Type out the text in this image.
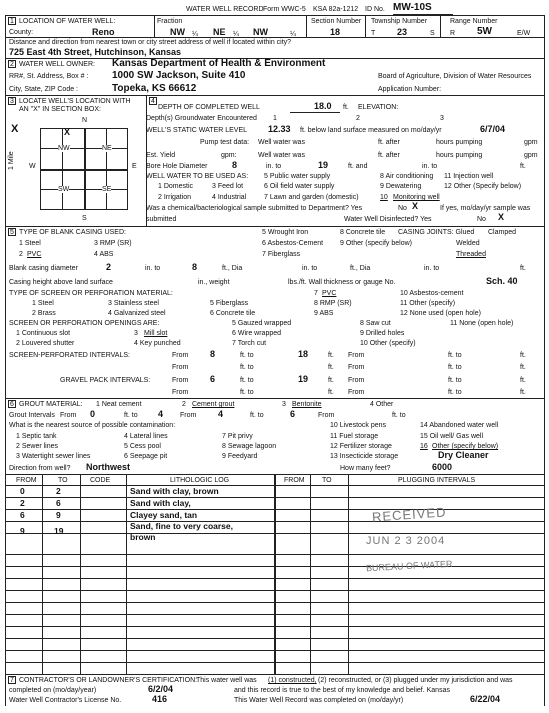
WATER WELL RECORD Form WWC-5 KSA 82a-1212 ID No. MW-10S
1 LOCATION OF WATER WELL:
County:	Reno
Fraction
NW ¼ NE ¼ NW	¼
Section Number
18
Township Number
T 23	S
Range Number
R 5W	E/W
Distance and direction from nearest town or city street address of well if located within city?
725 East 4th Street, Hutchinson, Kansas
2 WATER WELL OWNER: Kansas Department of Health & Environment
RR#, St. Address, Box # : 1000 SW Jackson, Suite 410	Board of Agriculture, Division of Water Resources
City, State, ZIP Code :	Topeka, KS 66612	Application Number:
3 LOCATE WELL'S LOCATION WITH
AN "X" IN SECTION BOX:
X
N
S
W	E
1 Mile
X
NW	NE
SW	SE
4
DEPTH OF COMPLETED WELL	18.0 ft. ELEVATION:
Depth(s) Groundwater Encountered 1	2	3
WELL'S STATIC WATER LEVEL 12.33 ft. below land surface measured on mo/day/yr	6/7/04
Pump test data: Well water was	ft. after	hours pumping	gpm
Est. Yield	gpm:	Well water was	ft. after	hours pumping	gpm
Bore Hole Diameter	8	in. to	19	ft. and	in. to	ft.
WELL WATER TO BE USED AS: 5 Public water supply	8 Air conditioning 11 Injection well
1 Domestic	3 Feed lot	6 Oil field water supply	9 Dewatering	12 Other (Specify below)
2 Irrigation	4 Industrial	7 Lawn and garden (domestic)	10 Monitoring well
Was a chemical/bacteriological sample submitted to Department? Yes	No X	If yes, mo/day/yr sample was
submitted	Water Well Disinfected? Yes	No X
5 TYPE OF BLANK CASING USED:	5 Wrought Iron	8 Concrete tile CASING JOINTS: Glued Clamped
1 Steel	3 RMP (SR)	6 Asbestos-Cement 9 Other (specify below)	Welded
2 PVC	4 ABS	7 Fiberglass	Threaded
Blank casing diameter	2	in. to	8	ft., Dia	in. to	ft., Dia	in. to	ft.
Casing height above land surface	in., weight	lbs./ft. Wall thickness or gauge No.	Sch. 40
TYPE OF SCREEN OR PERFORATION MATERIAL:	7 PVC	10 Asbestos-cement
1 Steel	3 Stainless steel	5 Fiberglass	8 RMP (SR)	11 Other (specify)
2 Brass	4 Galvanized steel	6 Concrete tile	9 ABS	12 None used (open hole)
SCREEN OR PERFORATION OPENINGS ARE:	5 Gauzed wrapped	8 Saw cut	11 None (open hole)
1 Continuous slot	3 Mill slot	6 Wire wrapped	9 Drilled holes
2 Louvered shutter	4 Key punched	7 Torch cut	10 Other (specify)
SCREEN-PERFORATED INTERVALS:	From 8	ft. to	18	ft. From	ft. to	ft.
From	ft. to	ft. From	ft. to	ft.
GRAVEL PACK INTERVALS:	From 6	ft. to	19	ft. From	ft. to	ft.
From	ft. to	ft. From	ft. to	ft.
6 GROUT MATERIAL: 1 Neat cement	2 Cement grout	3 Bentonite	4 Other
Grout Intervals From 0	ft. to 4 From 4	ft. to	6	From	ft. to
What is the nearest source of possible contamination:	10 Livestock pens	14 Abandoned water well
1 Septic tank	4 Lateral lines	7 Pit privy	11 Fuel storage	15 Oil well/ Gas well
2 Sewer lines	5 Cess pool	8 Sewage lagoon	12 Fertilizer storage	16 Other (specify below)
3 Watertight sewer lines	6 Seepage pit	9 Feedyard	13 Insecticide storage	Dry Cleaner
Direction from well? Northwest	How many feet?	6000
FROM	TO	CODE	LITHOLOGIC LOG	FROM TO	PLUGGING INTERVALS
0	2	Sand with clay, brown
2	6	Sand with clay,
6	9	Clayey sand, tan
9	19	Sand, fine to very coarse,
brown
RECEIVED
JUN 2 3 2004
BUREAU OF WATER
7 CONTRACTOR'S OR LANDOWNER'S CERTIFICATION:
This water well was (1) constructed, (2) reconstructed, or (3) plugged under my jurisdiction and was
completed on (mo/day/year)	6/2/04	and this record is true to the best of my knowledge and belief. Kansas
Water Well Contractor's License No.	416	This Water Well Record was completed on (mo/day/yr)	6/22/04
